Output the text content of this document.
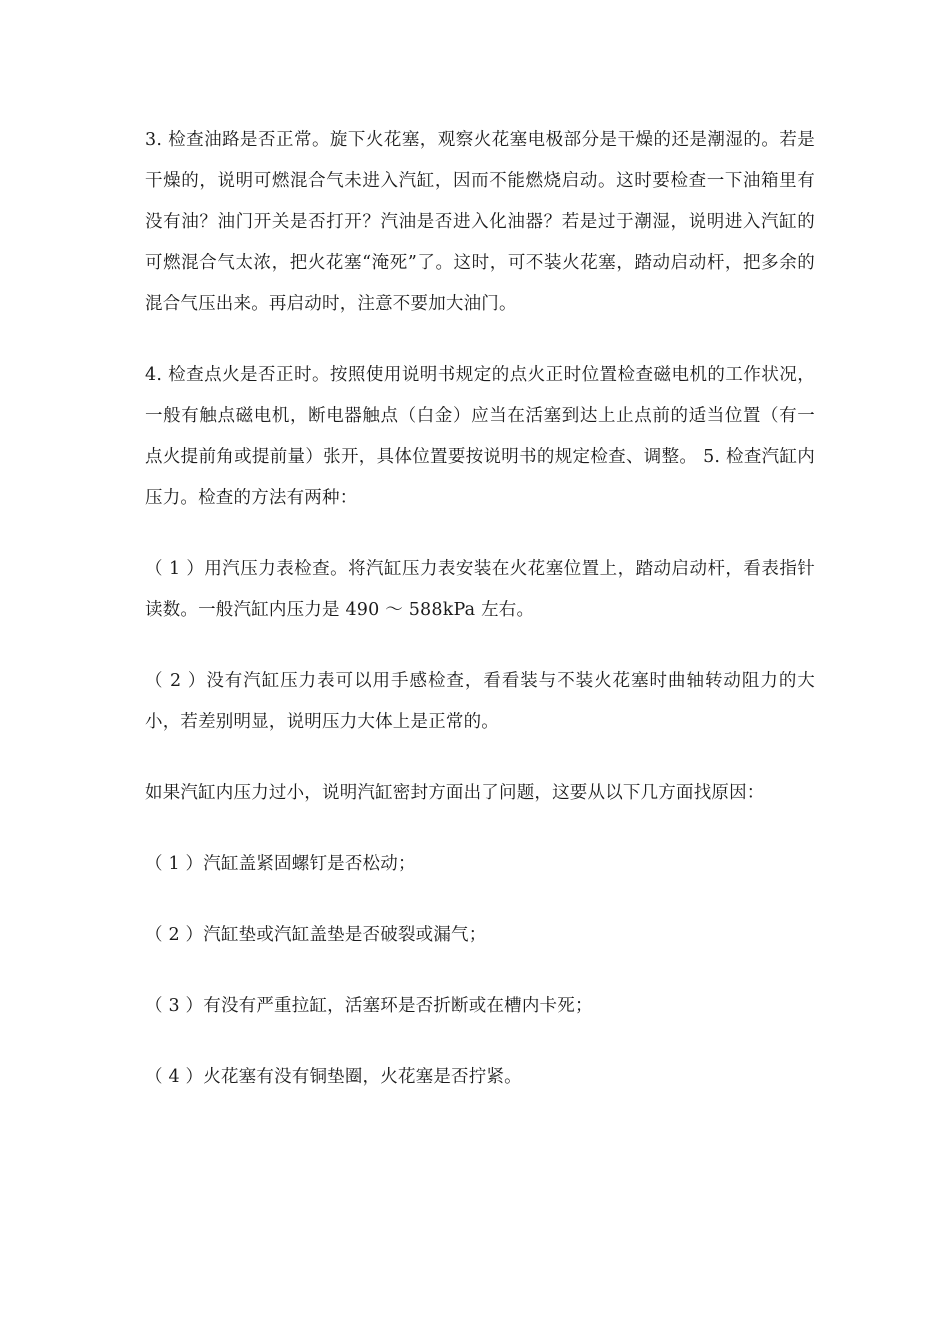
3. 检查油路是否正常。旋下火花塞，观察火花塞电极部分是干燥的还是潮湿的。若是干燥的，说明可燃混合气未进入汽缸，因而不能燃烧启动。这时要检查一下油箱里有没有油？油门开关是否打开？汽油是否进入化油器？若是过于潮湿，说明进入汽缸的可燃混合气太浓，把火花塞“淹死”了。这时，可不装火花塞，踏动启动杆，把多余的混合气压出来。再启动时，注意不要加大油门。

4. 检查点火是否正时。按照使用说明书规定的点火正时位置检查磁电机的工作状况，一般有触点磁电机，断电器触点（白金）应当在活塞到达上止点前的适当位置（有一点火提前角或提前量）张开，具体位置要按说明书的规定检查、调整。 5. 检查汽缸内压力。检查的方法有两种：

（ 1 ）用汽压力表检查。将汽缸压力表安装在火花塞位置上，踏动启动杆，看表指针读数。一般汽缸内压力是 490 ～ 588kPa 左右。

（ 2 ）没有汽缸压力表可以用手感检查，看看装与不装火花塞时曲轴转动阻力的大小，若差别明显，说明压力大体上是正常的。

如果汽缸内压力过小，说明汽缸密封方面出了问题，这要从以下几方面找原因：

（ 1 ）汽缸盖紧固螺钉是否松动；

（ 2 ）汽缸垫或汽缸盖垫是否破裂或漏气；

（ 3 ）有没有严重拉缸，活塞环是否折断或在槽内卡死；

（ 4 ）火花塞有没有铜垫圈，火花塞是否拧紧。
